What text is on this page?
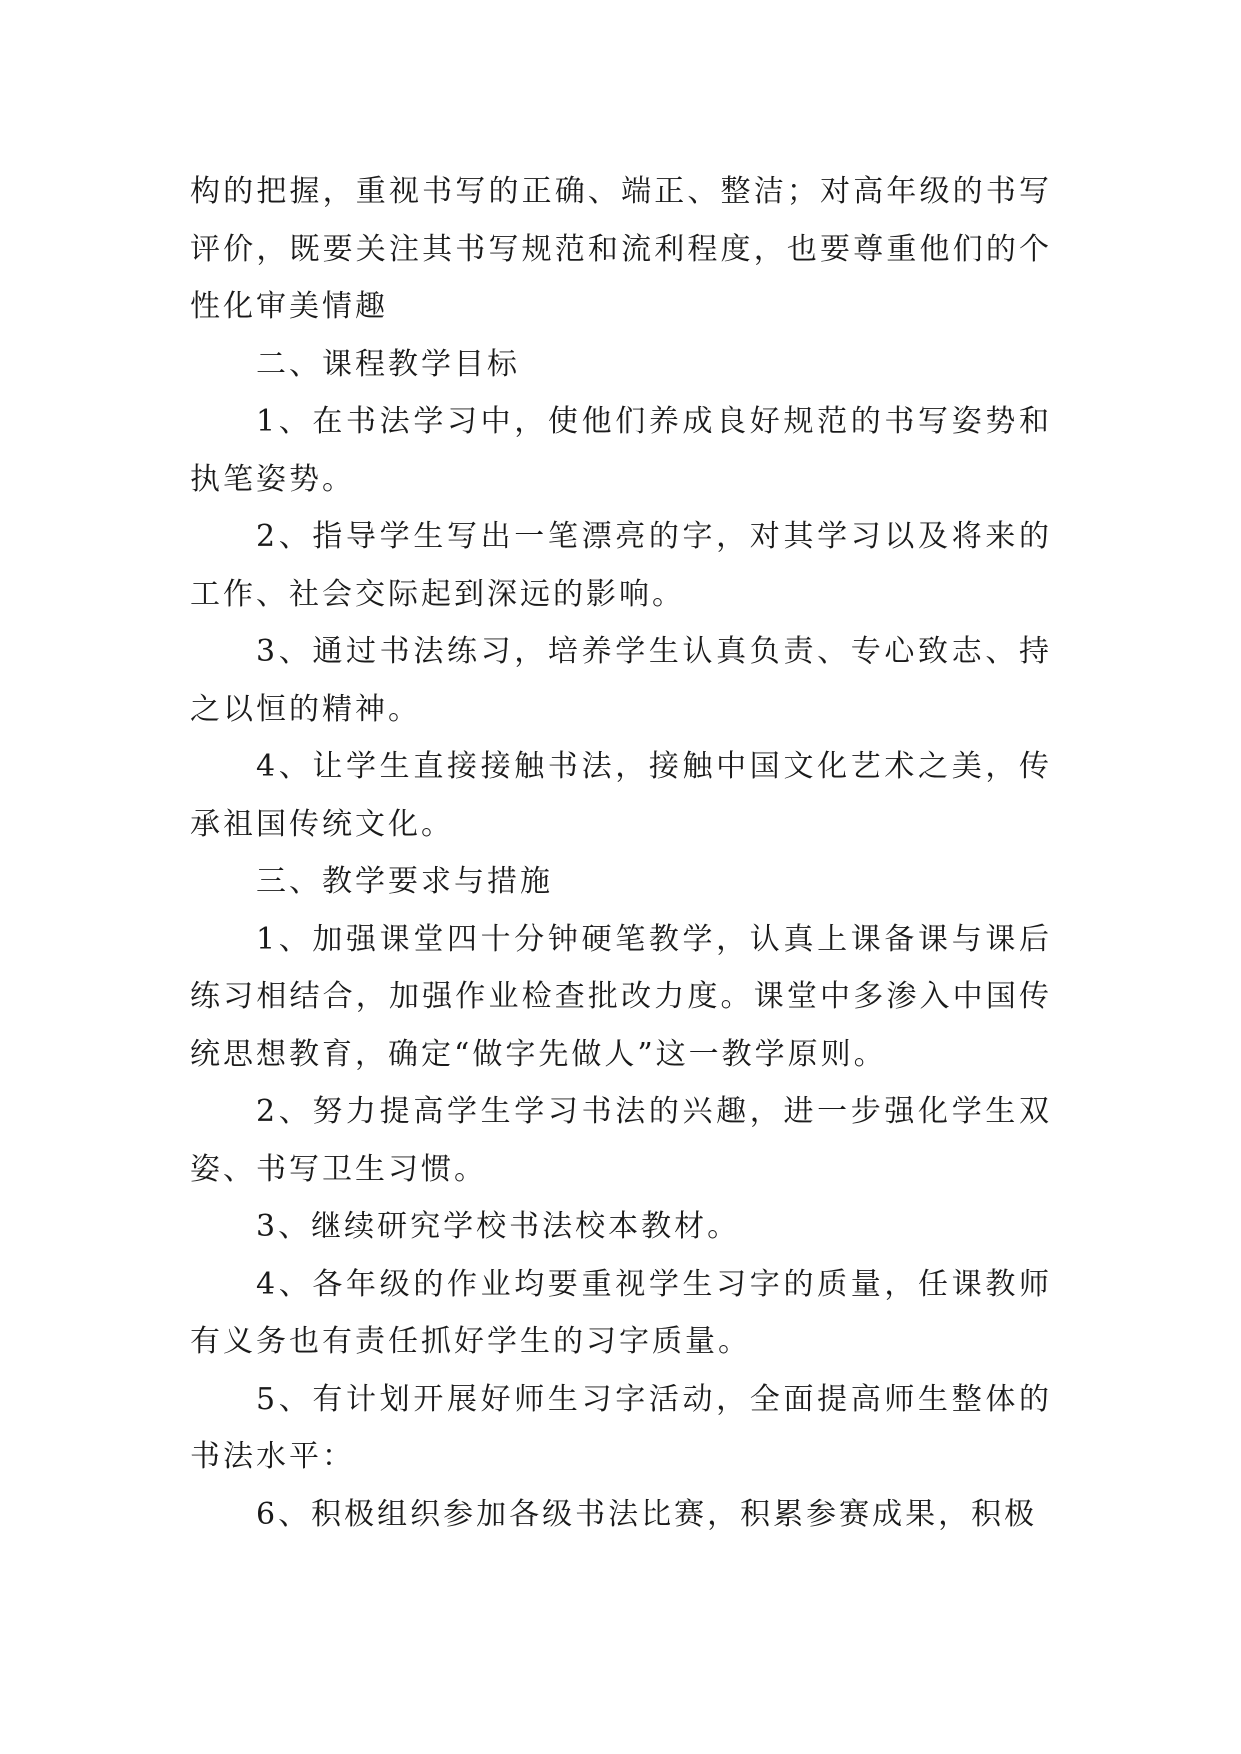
构的把握，重视书写的正确、端正、整洁；对高年级的书写评价，既要关注其书写规范和流利程度，也要尊重他们的个性化审美情趣

二、课程教学目标

1、在书法学习中，使他们养成良好规范的书写姿势和执笔姿势。

2、指导学生写出一笔漂亮的字，对其学习以及将来的工作、社会交际起到深远的影响。

3、通过书法练习，培养学生认真负责、专心致志、持之以恒的精神。

4、让学生直接接触书法，接触中国文化艺术之美，传承祖国传统文化。

三、教学要求与措施

1、加强课堂四十分钟硬笔教学，认真上课备课与课后练习相结合，加强作业检查批改力度。课堂中多渗入中国传统思想教育，确定“做字先做人”这一教学原则。

2、努力提高学生学习书法的兴趣，进一步强化学生双姿、书写卫生习惯。

3、继续研究学校书法校本教材。

4、各年级的作业均要重视学生习字的质量，任课教师有义务也有责任抓好学生的习字质量。

5、有计划开展好师生习字活动，全面提高师生整体的书法水平：

6、积极组织参加各级书法比赛，积累参赛成果，积极
